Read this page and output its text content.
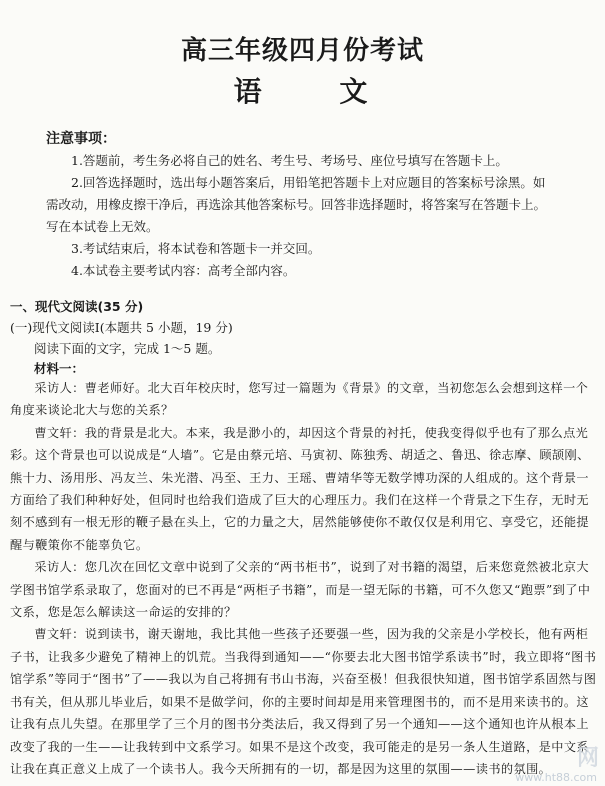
高三年级四月份考试
语 文
注意事项：

1.答题前，考生务必将自己的姓名、考生号、考场号、座位号填写在答题卡上。

2.回答选择题时，选出每小题答案后，用铅笔把答题卡上对应题目的答案标号涂黑。如需改动，用橡皮擦干净后，再选涂其他答案标号。回答非选择题时，将答案写在答题卡上。写在本试卷上无效。

3.考试结束后，将本试卷和答题卡一并交回。

4.本试卷主要考试内容：高考全部内容。

一、现代文阅读(35 分)
(一)现代文阅读Ⅰ(本题共 5 小题，19 分)
阅读下面的文字，完成 1～5 题。
材料一：

采访人：曹老师好。北大百年校庆时，您写过一篇题为《背景》的文章，当初您怎么会想到这样一个角度来谈论北大与您的关系？

曹文轩：我的背景是北大。本来，我是渺小的，却因这个背景的衬托，使我变得似乎也有了那么点光彩。这个背景也可以说成是“人墙”。它是由蔡元培、马寅初、陈独秀、胡适之、鲁迅、徐志摩、顾颉刚、熊十力、汤用彤、冯友兰、朱光潜、冯至、王力、王瑶、曹靖华等无数学博功深的人组成的。这个背景一方面给了我们种种好处，但同时也给我们造成了巨大的心理压力。我们在这样一个背景之下生存，无时无刻不感到有一根无形的鞭子悬在头上，它的力量之大，居然能够使你不敢仅仅是利用它、享受它，还能提醒与鞭策你不能辜负它。

采访人：您几次在回忆文章中说到了父亲的“两书柜书”，说到了对书籍的渴望，后来您竟然被北京大学图书馆学系录取了，您面对的已不再是“两柜子书籍”，而是一望无际的书籍，可不久您又“跑票”到了中文系，您是怎么解读这一命运的安排的？

曹文轩：说到读书，谢天谢地，我比其他一些孩子还要强一些，因为我的父亲是小学校长，他有两柜子书，让我多少避免了精神上的饥荒。当我得到通知——“你要去北大图书馆学系读书”时，我立即将“图书馆学系”等同于“图书”了——我以为自己将拥有书山书海，兴奋至极！但我很快知道，图书馆学系固然与图书有关，但从那儿毕业后，如果不是做学问，你的主要时间却是用来管理图书的，而不是用来读书的。这让我有点儿失望。在那里学了三个月的图书分类法后，我又得到了另一个通知——这个通知也许从根本上改变了我的一生——让我转到中文系学习。如果不是这个改变，我可能走的是另一条人生道路，是中文系让我在真正意义上成了一个读书人。我今天所拥有的一切，都是因为这里的氛围——读书的氛围。	网
www.ht88.com
